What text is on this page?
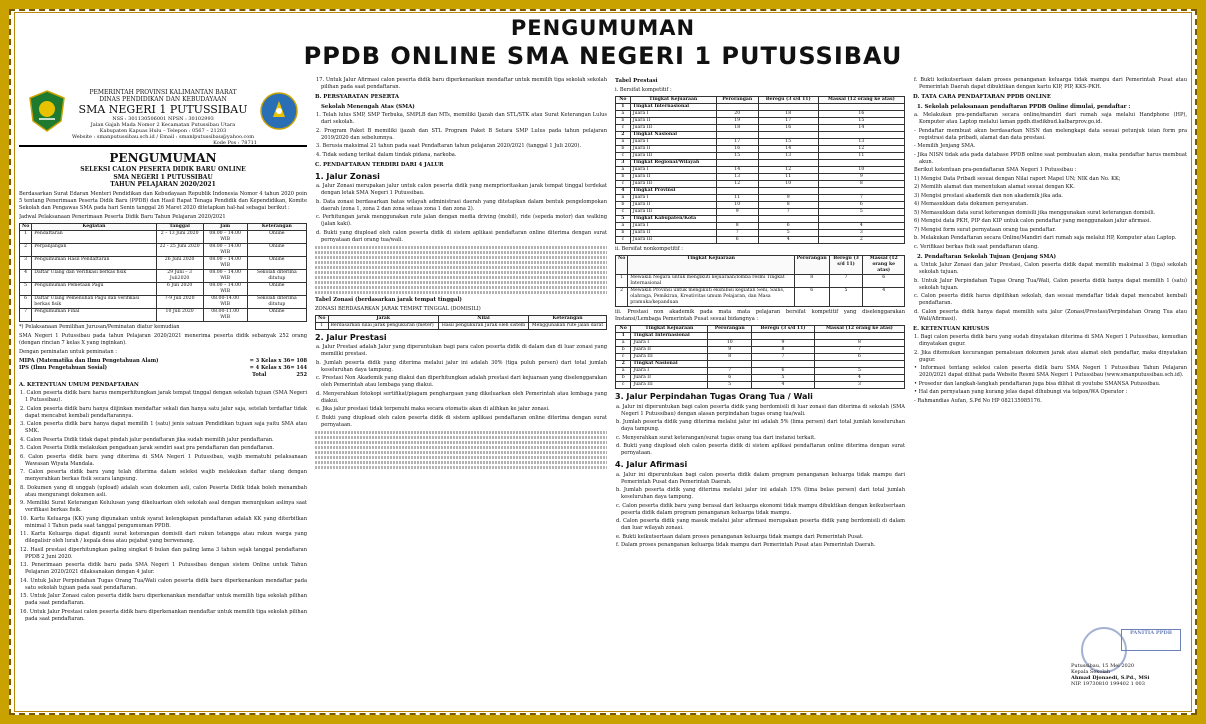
PENGUMUMAN
PPDB ONLINE SMA NEGERI 1 PUTUSSIBAU
PEMERINTAH PROVINSI KALIMANTAN BARAT
DINAS PENDIDIKAN DAN KEBUDAYAAN
SMA NEGERI 1 PUTUSSIBAU
NSS : 301130506001 NPSN : 30102993
Jalan Gajah Mada Nomor 2 Kecamatan Putussibau Utara
Kabupaten Kapuas Hulu – Telepon : 0567 – 21203
Website : smanputussibau.sch.id / Email : smanlputussibau@yahoo.com
Kode Pos : 78711
PENGUMUMAN
SELEKSI CALON PESERTA DIDIK BARU ONLINE
SMA NEGERI 1 PUTUSSIBAU
TAHUN PELAJARAN 2020/2021
Berdasarkan Surat Edaran Menteri Pendidikan dan Kebudayaan Republik Indonesia Nomor 4 tahun 2020 poin 5 tentang Penerimaan Peserta Didik Baru (PPDB) dan Hasil Rapat Tenaga Pendidik dan Kependidikan, Komite Sekolah dan Pengawas SMA pada hari Senin tanggal 26 Maret 2020 ditetapkan hal-hal sebagai berikut :
Jadwal Pelaksanaan Penerimaan Peserta Didik Baru Tahun Pelajaran 2020/2021
No	Kegiatan	Tanggal	Jam	Keterangan
1	Pendaftaran	2 – 13 Juni 2020	08.00 – 14.00 WIB	Online
2	Perpanjangan	22 - 25 Juni 2020	08.00 – 14.00 WIB	Online
3	Pengumuman Hasil Pendaftaran	26 Juni 2020	08.00 – 14.00 WIB	Online
4	Daftar Ulang dan Verifikasi berkas fisik	29 Juni – 3 Juli2020	08.00 – 14.00 WIB	Sekolah diterima ditutup
5	Pengumuman Pemetaan Pagu	6 Juli 2020	08.00 – 14.00 WIB	Online
6	Daftar Ulang Pemenuhan Pagu dan verifikasi berkas fisik	7-9 Juli 2020	08.00-14.00 WIB	Sekolah diterima ditutup
7	Pengumuman Final	10 Juli 2020	08.00-11.00 WIB	Online
*) Pelaksanaan Pemilihan Jurusan/Peminatan diatur kemudian
SMA Negeri 1 Putussibau pada tahun Pelajaran 2020/2021 menerima peserta didik sebanyak 252 orang (dengan rincian 7 kelas X yang inginkan).
Dengan peminatan untuk peminatan :
MIPA (Matematika dan Ilmu Pengetahuan Alam)	= 3 Kelas x 36= 108
IPS (Ilmu Pengetahuan Sosial)	= 4 Kelas x 36= 144
Total	252
A. KETENTUAN UMUM PENDAFTARAN
1. Calon peserta didik baru harus memperhitungkan jarak tempat tinggal dengan sekolah tujuan (SMA Negeri 1 Putussibau).
2. Calon peserta didik baru hanya diijinkan mendaftar sekali dan hanya satu jalur saja, setelah terdaftar tidak dapat mencabut kembali pendaftarannya.
3. Calon peserta didik baru hanya dapat memilih 1 (satu) jenis satuan Pendidikan tujuan saja yaitu SMA atau SMK.
4. Calon Peserta Didik tidak dapat pindah jalur pendaftaran jika sudah memilih jalur pendaftaran.
5. Calon Peserta Didik melakukan pengaduan jarak sendiri saat pra pendaftaran dan pendaftaran.
6. Calon peserta didik baru yang diterima di SMA Negeri 1 Putussibau, wajib mematuhi pelaksanaan Wawasan Wiyata Mandala.
7. Calon peserta didik baru yang telah diterima dalam seleksi wajib melakukan daftar ulang dengan menyerahkan berkas fisik secara langsung.
8. Dokumen yang di unggah (upload) adalah scan dokumen asli, calon Peserta Didik tidak boleh menambah atau mengurangi dokumen asli.
9. Memiliki Surat Keterangan Kelulusan yang dikeluarkan oleh sekolah asal dengan menunjukan aslinya saat verifikasi berkas fisik.
10. Kartu Keluarga (KK) yang digunakan untuk syarat kelengkapan pendaftaran adalah KK yang diterbitkan minimal 1 Tahun pada saat tanggal pengumuman PPDB.
11. Kartu Keluarga dapat diganti surat keterangan domisili dari rukun tetangga atau rukun warga yang dilegalisir oleh lurah / kepala desa atau pejabat yang berwenang.
12. Hasil prestasi diperhitungkan paling singkat 6 bulan dan paling lama 3 tahun sejak tanggal pendaftaran PPDB 2 Juni 2020.
13. Penerimaan peserta didik baru pada SMA Negeri 1 Putussibau dengan sistem Online untuk Tahun Pelajaran 2020/2021 dilaksanakan dengan 4 jalur.
14. Untuk Jalur Perpindahan Tugas Orang Tua/Wali calon peserta didik baru diperkenankan mendaftar pada satu sekolah tujuan pada saat pendaftaran.
15. Untuk Jalur Zonasi calon peserta didik baru diperkenankan mendaftar untuk memilih tiga sekolah pilihan pada saat pendaftaran.
16. Untuk Jalur Prestasi calon peserta didik baru diperkenankan mendaftar untuk memilih tiga sekolah pilihan pada saat pendaftaran.
17. Untuk Jalur Afirmasi calon peserta didik baru diperkenankan mendaftar untuk memilih tiga sekolah sekolah pilihan pada saat pendaftaran.
B. PERSYARATAN PESERTA
Sekolah Menengah Atas (SMA)
1. Telah lulus SMP, SMP Terbuka, SMPLB dan MTs, memiliki Ijazah dan STL/STK atau Surat Keterangan Lulus dari sekolah.
2. Program Paket B memiliki ijazah dan STL Program Paket B Setara SMP Lulus pada tahun pelajaran 2019/2020 dan sebelumnya.
3. Berusia maksimal 21 tahun pada saat Pendaftaran tahun pelajaran 2020/2021 (tanggal 1 Juli 2020).
4. Tidak sedang terikat dalam tindak pidana, narkoba.
C. PENDAFTARAN TERDIRI DARI 4 JALUR
1. Jalur Zonasi
a. Jalur Zonasi merupakan jalur untuk calon peserta didik yang memprioritaskan jarak tempat tinggal terdekat dengan letak SMA Negeri 1 Putussibau.
b. Data zonasi berdasarkan batas wilayah administrasi daerah yang ditetapkan dalam bentuk pengelompokan daerah (zona 1, zona 2 dan zona seluas zona 1 dan zona 2).
c. Perhitungan jarak menggunakan rute jalan dengan media driving (mobil), ride (sepeda motor) dan walking (jalan kaki).
d. Bukti yang diupload oleh calon peserta didik di sistem aplikasi pendaftaran online diterima dengan surat pernyataan dari orang tua/wali.
Tabel Zonasi (berdasarkan jarak tempat tinggal)
ZONASI BERDASARKAN JARAK TEMPAT TINGGAL (DOMISILI)
No	Jarak	Nilai	Keterangan
1	Berdasarkan nilai jarak pengukuran (meter)	Hasil pengukuran Jarak oleh sistem	Menggunakan rute jalan darat
2. Jalur Prestasi
a. Jalur Prestasi adalah Jalur yang diperuntukan bagi para calon peserta didik di dalam dan di luar zonasi yang memiliki prestasi.
b. Jumlah peserta didik yang diterima melalui jalur ini adalah 30% (tiga puluh persen) dari total jumlah keseluruhan daya tampung.
c. Prestasi Non Akademik yang diakui dan diperhitungkan adalah prestasi dari kejuaraan yang diselenggarakan oleh Pemerintah atau lembaga yang diakui.
d. Menyerahkan fotokopi sertifikat/piagam penghargaan yang dikeluarkan oleh Pemerintah atau lembaga yang diakui.
e. Jika jalur prestasi tidak terpenuhi maka secara otomatis akan di alihkan ke jalur zonasi.
f. Bukti yang diupload oleh calon peserta didik di sistem aplikasi pendaftaran online diterima dengan surat pernyataan.
Tabel Prestasi
i. Bersifat kompetitif :
No	Tingkat Kejuaraan	Perorangan	Beregu (3 s/d 11)	Massal (12 orang ke atas)
1	Tingkat Internasional			
a	Juara I	20	18	16
b	Juara II	19	17	15
c	Juara III	18	16	14
2	Tingkat Nasional			
a	Juara I	17	15	13
b	Juara II	16	14	12
c	Juara III	15	13	11
3	Tingkat Regional/Wilayah			
a	Juara I	14	12	10
b	Juara II	13	11	9
c	Juara III	12	10	8
4	Tingkat Provinsi			
a	Juara I	11	9	7
b	Juara II	10	8	6
c	Juara III	9	7	5
5	Tingkat Kabupaten/Kota			
a	Juara I	8	6	4
b	Juara II	7	5	3
c	Juara III	6	4	2
ii. Bersifat nonkompetitif :
No	Tingkat Kejuaraan	Perorangan	Beregu (3 s/d 11)	Massal (12 orang ke atas)
1	Mewakili Negara untuk mengikuti kejuaraan/lomba resmi Tingkat Internasional	8	7	6
2	Mewakili Provinsi untuk mengikuti ekshibisi kegiatan Seni, Sains, olahraga, Pemikiran, Kreativitas umum Pelajaran, dan Masa pramuka/kepanduan	6	5	4
iii. Prestasi non akademik pada mata mata pelajaran bersifat kompetitif yang diselenggarakan Instansi/Lembaga Pemerintah Pusat sesuai bidangnya :
No	Tingkat Kejuaraan	Perorangan	Beregu (3 s/d 11)	Massal (12 orang ke atas)
1	Tingkat Internasional			
a	Juara I	10	9	8
b	Juara II	9	8	7
c	Juara III	8	7	6
2	Tingkat Nasional			
a	Juara I	7	6	5
b	Juara II	6	5	4
c	Juara III	5	4	3
3. Jalur Perpindahan Tugas Orang Tua / Wali
a. Jalur ini diperuntukan bagi calon peserta didik yang berdomisili di luar zonasi dan diterima di sekolah (SMA Negeri 1 Putussibau) dengan alasan perpindahan tugas orang tua/wali.
b. Jumlah peserta didik yang diterima melalui jalur ini adalah 5% (lima persen) dari total jumlah keseluruhan daya tampung.
c. Menyerahkan surat keterangan/surat tugas orang tua dari instansi terkait.
d. Bukti yang diupload oleh calon peserta didik di sistem aplikasi pendaftaran online diterima dengan surat pernyataan.
4. Jalur Afirmasi
a. Jalur ini diperuntukan bagi calon peserta didik dalam program penanganan keluarga tidak mampu dari Pemerintah Pusat dan Pemerintah Daerah.
b. Jumlah peserta didik yang diterima melalui jalur ini adalah 15% (lima belas persen) dari total jumlah keseluruhan daya tampung.
c. Calon peserta didik baru yang berasal dari keluarga ekonomi tidak mampu dibuktikan dengan keikutsertaan peserta didik dalam program penanganan keluarga tidak mampu.
d. Calon peserta didik yang masuk melalui jalur afirmasi merupakan peserta didik yang berdomisili di dalam dan luar wilayah zonasi.
e. Bukti keikutsertaan dalam proses penanganan keluarga tidak mampu dari Pemerintah Pusat.
f. Dalam proses penanganan keluarga tidak mampu dari Pemerintah Pusat atau Pemerintah Daerah.
f. Bukti keikutsertaan dalam proses penanganan keluarga tidak mampu dari Pemerintah Pusat atau Pemerintah Daerah dapat dibuktikan dengan kartu KIP, PIP, KKS-PKH.
D. TATA CARA PENDAFTARAN PPDB ONLINE
1. Sekolah pelaksanaan pendaftaran PPDB Online dimulai, pendaftar :
a. Melakukan pra-pendaftaran secara online/mandiri dari rumah saja melalui Handphone (HP), Komputer atau Laptop melalui laman ppdb.disdikbud.kalbarprov.go.id.
- Pendaftar membuat akun berdasarkan NISN dan melengkapi data sesuai petunjuk isian form pra registrasi data pribadi, alamat dan data prestasi.
- Memilih Jenjang SMA.
- Jika NISN tidak ada pada database PPDB online saat pembuatan akun, maka pendaftar harus membuat akun.
Berikut ketentuan pra-pendaftaran SMA Negeri 1 Putussibau :
1) Mengisi Data Pribadi sesuai dengan Nilai raport Mapel UN; NIK dan No. KK;
2) Memilih alamat dan menentukan alamat sesuai dengan KK.
3) Mengisi prestasi akademik dan non akademik jika ada.
4) Memasukkan data dokumen persyaratan.
5) Memasukkan data surat keterangan domisili jika menggunakan surat keterangan domisili.
6) Mengisi data PKH, PIP dan KIP untuk calon pendaftar yang menggunakan jalur afirmasi.
7) Mengisi form surat pernyataan orang tua pendaftar.
b. Melakukan Pendaftaran secara Online/Mandiri dari rumah saja melalui HP, Komputer atau Laptop.
c. Verifikasi berkas fisik saat pendaftaran ulang.
2. Pendaftaran Sekolah Tujuan (Jenjang SMA)
a. Untuk Jalur Zonasi dan jalur Prestasi, Calon peserta didik dapat memilih maksimal 3 (tiga) sekolah sekolah tujuan.
b. Untuk Jalur Perpindahan Tugas Orang Tua/Wali, Calon peserta didik hanya dapat memilih 1 (satu) sekolah tujuan.
c. Calon peserta didik harus dipilihkan sekolah, dan sesuai mendaftar tidak dapat mencabut kembali pendaftaran.
d. Calon peserta didik hanya dapat memilih satu jalur (Zonasi/Prestasi/Perpindahan Orang Tua atau Wali/Afirmasi).
E. KETENTUAN KHUSUS
1. Bagi calon peserta didik baru yang sudah dinyatakan diterima di SMA Negeri 1 Putussibau, kemudian dinyatakan gugur.
2. Jika ditemukan kecurangan pemalsuan dokumen jarak atau alamat oleh pendaftar, maka dinyatakan gugur.
• Informasi tentang seleksi calon peserta didik baru SMA Negeri 1 Putussibau Tahun Pelajaran 2020/2021 dapat dilihat pada Website Resmi SMA Negeri 1 Putussibau (www.smanputussibau.sch.id).
• Prosedur dan langkah-langkah pendaftaran juga bisa dilihat di youtube SMANSA Putussibau.
• Hal dan pernyataan yang kurang jelas dapat dihubungi via telpon/WA Operator :
- Rahmandias Aufan, S.Pd No HP 082135985176.
PANITIA PPDB
Putussibau, 15 Mei 2020
Kepala Sekolah
Ahmad Djonaedi, S.Pd., MSi
NIP. 19730810 199402 1 003
